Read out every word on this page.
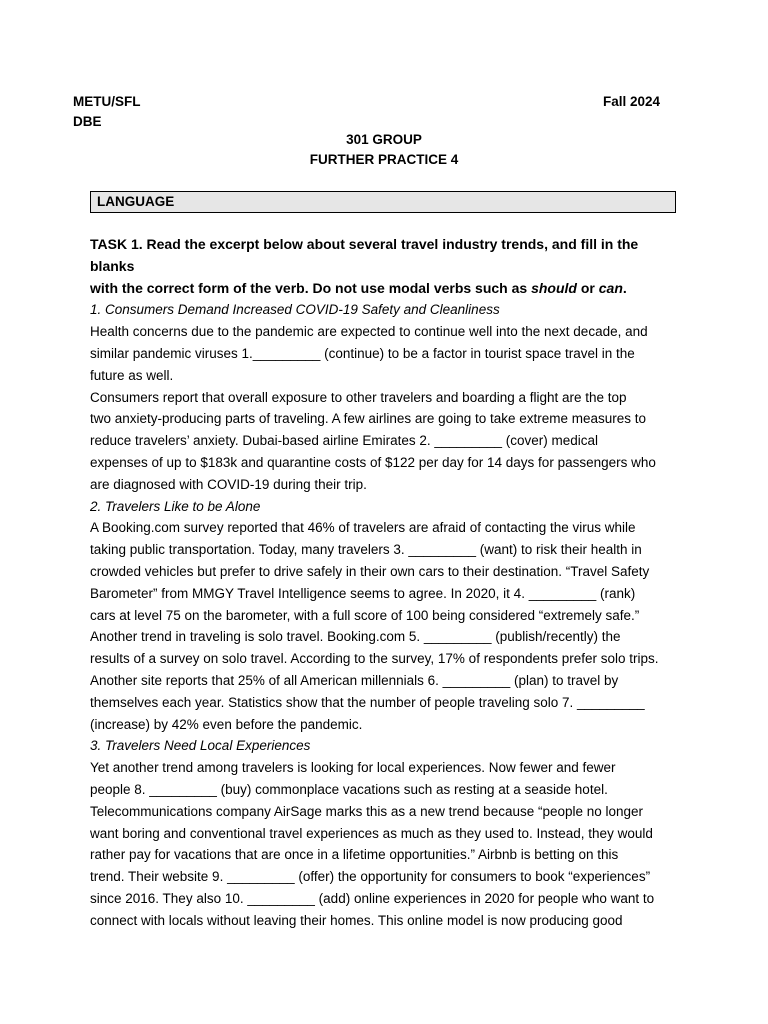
METU/SFL
DBE
Fall 2024
301 GROUP
FURTHER PRACTICE 4
LANGUAGE

TASK 1. Read the excerpt below about several travel industry trends, and fill in the blanks

with the correct form of the verb. Do not use modal verbs such as should or can.

1. Consumers Demand Increased COVID-19 Safety and Cleanliness

Health concerns due to the pandemic are expected to continue well into the next decade, and

similar pandemic viruses 1._________ (continue) to be a factor in tourist space travel in the

future as well.

Consumers report that overall exposure to other travelers and boarding a flight are the top

two anxiety-producing parts of traveling. A few airlines are going to take extreme measures to

reduce travelers’ anxiety. Dubai-based airline Emirates 2. _________ (cover) medical

expenses of up to $183k and quarantine costs of $122 per day for 14 days for passengers who

are diagnosed with COVID-19 during their trip.

2. Travelers Like to be Alone

A Booking.com survey reported that 46% of travelers are afraid of contacting the virus while

taking public transportation. Today, many travelers 3. _________ (want) to risk their health in

crowded vehicles but prefer to drive safely in their own cars to their destination. “Travel Safety

Barometer” from MMGY Travel Intelligence seems to agree. In 2020, it 4. _________ (rank)

cars at level 75 on the barometer, with a full score of 100 being considered “extremely safe.”

Another trend in traveling is solo travel. Booking.com 5. _________ (publish/recently) the

results of a survey on solo travel. According to the survey, 17% of respondents prefer solo trips.

Another site reports that 25% of all American millennials 6. _________ (plan) to travel by

themselves each year. Statistics show that the number of people traveling solo 7. _________

(increase) by 42% even before the pandemic.

3. Travelers Need Local Experiences

Yet another trend among travelers is looking for local experiences. Now fewer and fewer

people 8. _________ (buy) commonplace vacations such as resting at a seaside hotel.

Telecommunications company AirSage marks this as a new trend because “people no longer

want boring and conventional travel experiences as much as they used to. Instead, they would

rather pay for vacations that are once in a lifetime opportunities.” Airbnb is betting on this

trend. Their website 9. _________ (offer) the opportunity for consumers to book “experiences”

since 2016. They also 10. _________ (add) online experiences in 2020 for people who want to

connect with locals without leaving their homes. This online model is now producing good
